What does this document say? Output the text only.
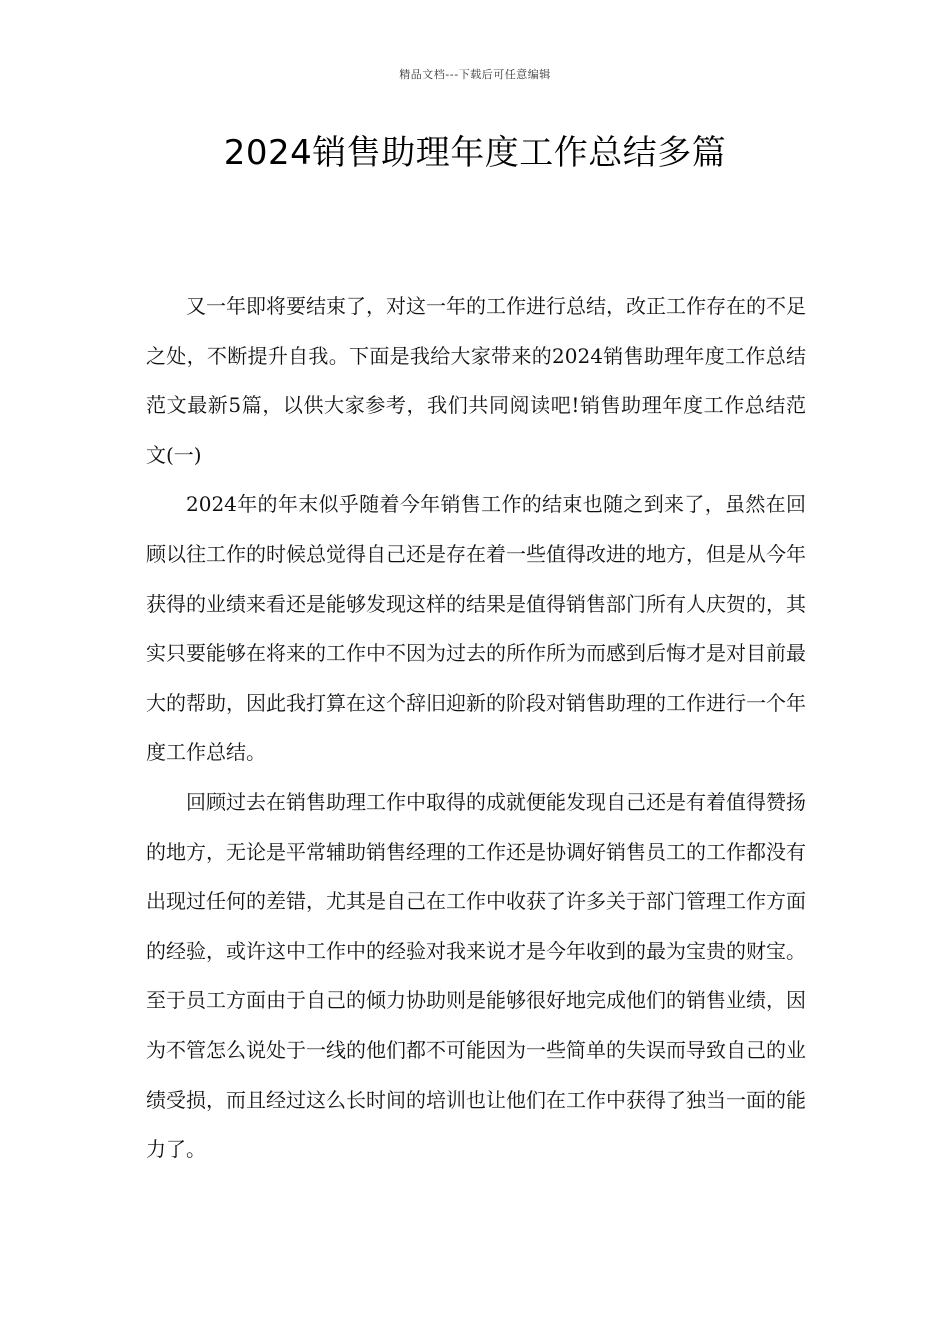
精品文档---下载后可任意编辑
2024销售助理年度工作总结多篇

又一年即将要结束了，对这一年的工作进行总结，改正工作存在的不足之处，不断提升自我。下面是我给大家带来的2024销售助理年度工作总结范文最新5篇，以供大家参考，我们共同阅读吧!销售助理年度工作总结范文(一)

2024年的年末似乎随着今年销售工作的结束也随之到来了，虽然在回顾以往工作的时候总觉得自己还是存在着一些值得改进的地方，但是从今年获得的业绩来看还是能够发现这样的结果是值得销售部门所有人庆贺的，其实只要能够在将来的工作中不因为过去的所作所为而感到后悔才是对目前最大的帮助，因此我打算在这个辞旧迎新的阶段对销售助理的工作进行一个年度工作总结。

回顾过去在销售助理工作中取得的成就便能发现自己还是有着值得赞扬的地方，无论是平常辅助销售经理的工作还是协调好销售员工的工作都没有出现过任何的差错，尤其是自己在工作中收获了许多关于部门管理工作方面的经验，或许这中工作中的经验对我来说才是今年收到的最为宝贵的财宝。至于员工方面由于自己的倾力协助则是能够很好地完成他们的销售业绩，因为不管怎么说处于一线的他们都不可能因为一些简单的失误而导致自己的业绩受损，而且经过这么长时间的培训也让他们在工作中获得了独当一面的能力了。
